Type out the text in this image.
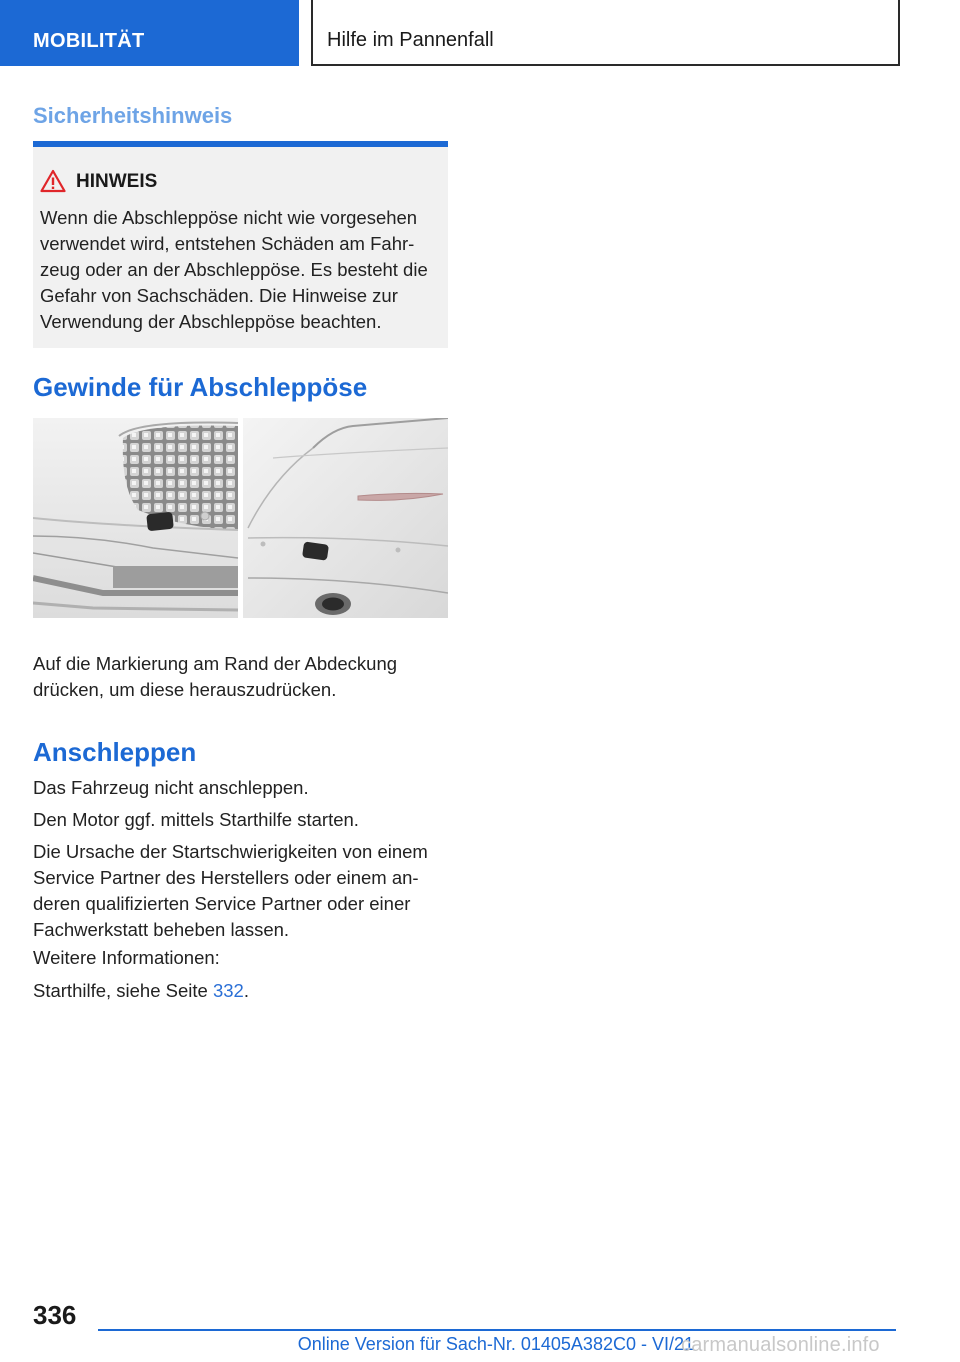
MOBILITÄT	Hilfe im Pannenfall
Sicherheitshinweis
HINWEIS
Wenn die Abschleppöse nicht wie vorgesehen
verwendet wird, entstehen Schäden am Fahr-
zeug oder an der Abschleppöse. Es besteht die
Gefahr von Sachschäden. Die Hinweise zur
Verwendung der Abschleppöse beachten.
Gewinde für Abschleppöse
Auf die Markierung am Rand der Abdeckung
drücken, um diese herauszudrücken.
Anschleppen
Das Fahrzeug nicht anschleppen.
Den Motor ggf. mittels Starthilfe starten.
Die Ursache der Startschwierigkeiten von einem
Service Partner des Herstellers oder einem an-
deren qualifizierten Service Partner oder einer
Fachwerkstatt beheben lassen.
Weitere Informationen:
Starthilfe, siehe Seite 332.
336
Online Version für Sach-Nr. 01405A382C0 - VI/21
carmanualsonline.info
